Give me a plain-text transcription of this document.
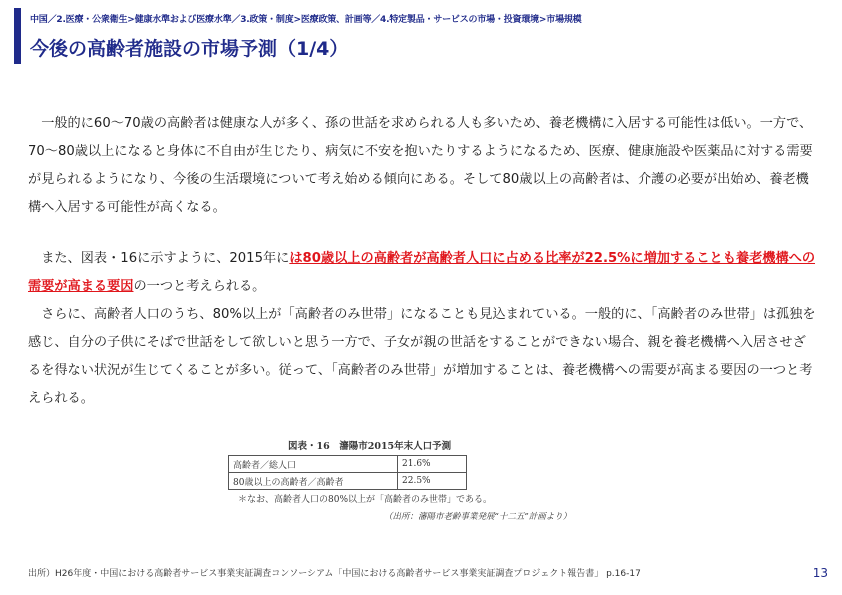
中国／2.医療・公衆衛生>健康水準および医療水準／3.政策・制度>医療政策、計画等／4.特定製品・サービスの市場・投資環境>市場規模
今後の高齢者施設の市場予測（1/4）

　一般的に60〜70歳の高齢者は健康な人が多く、孫の世話を求められる人も多いため、養老機構に入居する可能性は低い。一方で、70〜80歳以上になると身体に不自由が生じたり、病気に不安を抱いたりするようになるため、医療、健康施設や医薬品に対する需要が見られるようになり、今後の生活環境について考え始める傾向にある。そして80歳以上の高齢者は、介護の必要が出始め、養老機構へ入居する可能性が高くなる。

　また、図表・16に示すように、2015年には80歳以上の高齢者が高齢者人口に占める比率が22.5%に増加することも養老機構への需要が高まる要因の一つと考えられる。
　さらに、高齢者人口のうち、80%以上が「高齢者のみ世帯」になることも見込まれている。一般的に、「高齢者のみ世帯」は孤独を感じ、自分の子供にそばで世話をして欲しいと思う一方で、子女が親の世話をすることができない場合、親を養老機構へ入居させざるを得ない状況が生じてくることが多い。従って、「高齢者のみ世帯」が増加することは、養老機構への需要が高まる要因の一つと考えられる。

図表・16　瀋陽市2015年末人口予測
高齢者／総人口	21.6%
80歳以上の高齢者／高齢者	22.5%
＊なお、高齢者人口の80%以上が「高齢者のみ世帯」である。
（出所：瀋陽市老齢事業発展“十二五”計画より）
出所）H26年度・中国における高齢者サービス事業実証調査コンソーシアム「中国における高齢者サービス事業実証調査プロジェクト報告書」 p.16-17	13
